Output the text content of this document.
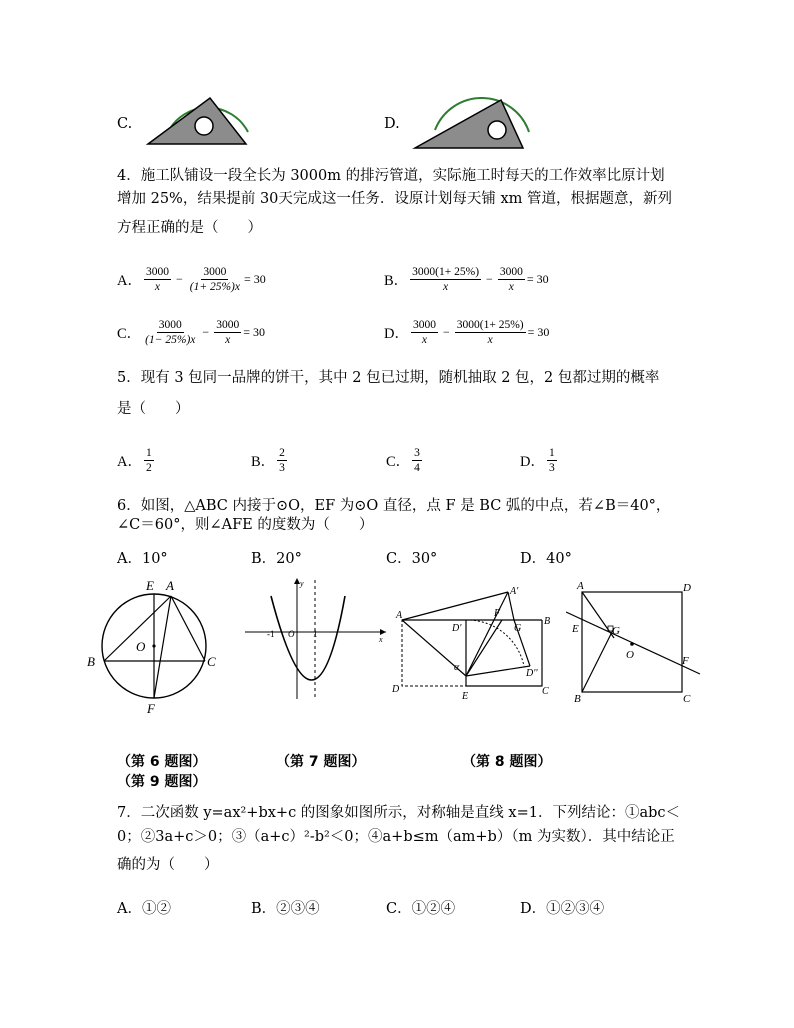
C.	D.
4．施工队铺设一段全长为 3000m 的排污管道，实际施工时每天的工作效率比原计划
增加 25%，结果提前 30天完成这一任务．设原计划每天铺 xm 管道，根据题意，新列
方程正确的是（　　）
A． $\frac{3000}{x} - \frac{3000}{(1+ 25\%)x} = 30$	B． $\frac{3000(1+ 25\%)}{x} - \frac{3000}{x} = 30$
C． $\frac{3000}{(1- 25\%)x} - \frac{3000}{x} = 30$	D． $\frac{3000}{x} - \frac{3000(1+ 25\%)}{x} = 30$
5．现有 3 包同一品牌的饼干，其中 2 包已过期，随机抽取 2 包，2 包都过期的概率
是（　　）
A． $\frac{1}{2}$	B． $\frac{2}{3}$	C． $\frac{3}{4}$	D． $\frac{1}{3}$
6．如图，△ABC 内接于⊙O，EF 为⊙O 直径，点 F 是 BC 弧的中点，若∠B＝40°，
∠C＝60°，则∠AFE 的度数为（　　）
A．10°	B．20°	C．30°	D．40°
E A
O
B	C
F
y
x
-1 O 1
A
A'
F
D'
B
G
α
D''
D
E	C
A	D
E	G
O	F
B	C
（第 6 题图）	（第 7 题图）	（第 8 题图）
（第 9 题图）
7．二次函数 y=ax²+bx+c 的图象如图所示，对称轴是直线 x=1．下列结论：①abc＜
0；②3a+c＞0；③（a+c）²-b²＜0；④a+b≤m（am+b）（m 为实数）．其中结论正
确的为（　　）
A．①②	B．②③④	C．①②④	D．①②③④
